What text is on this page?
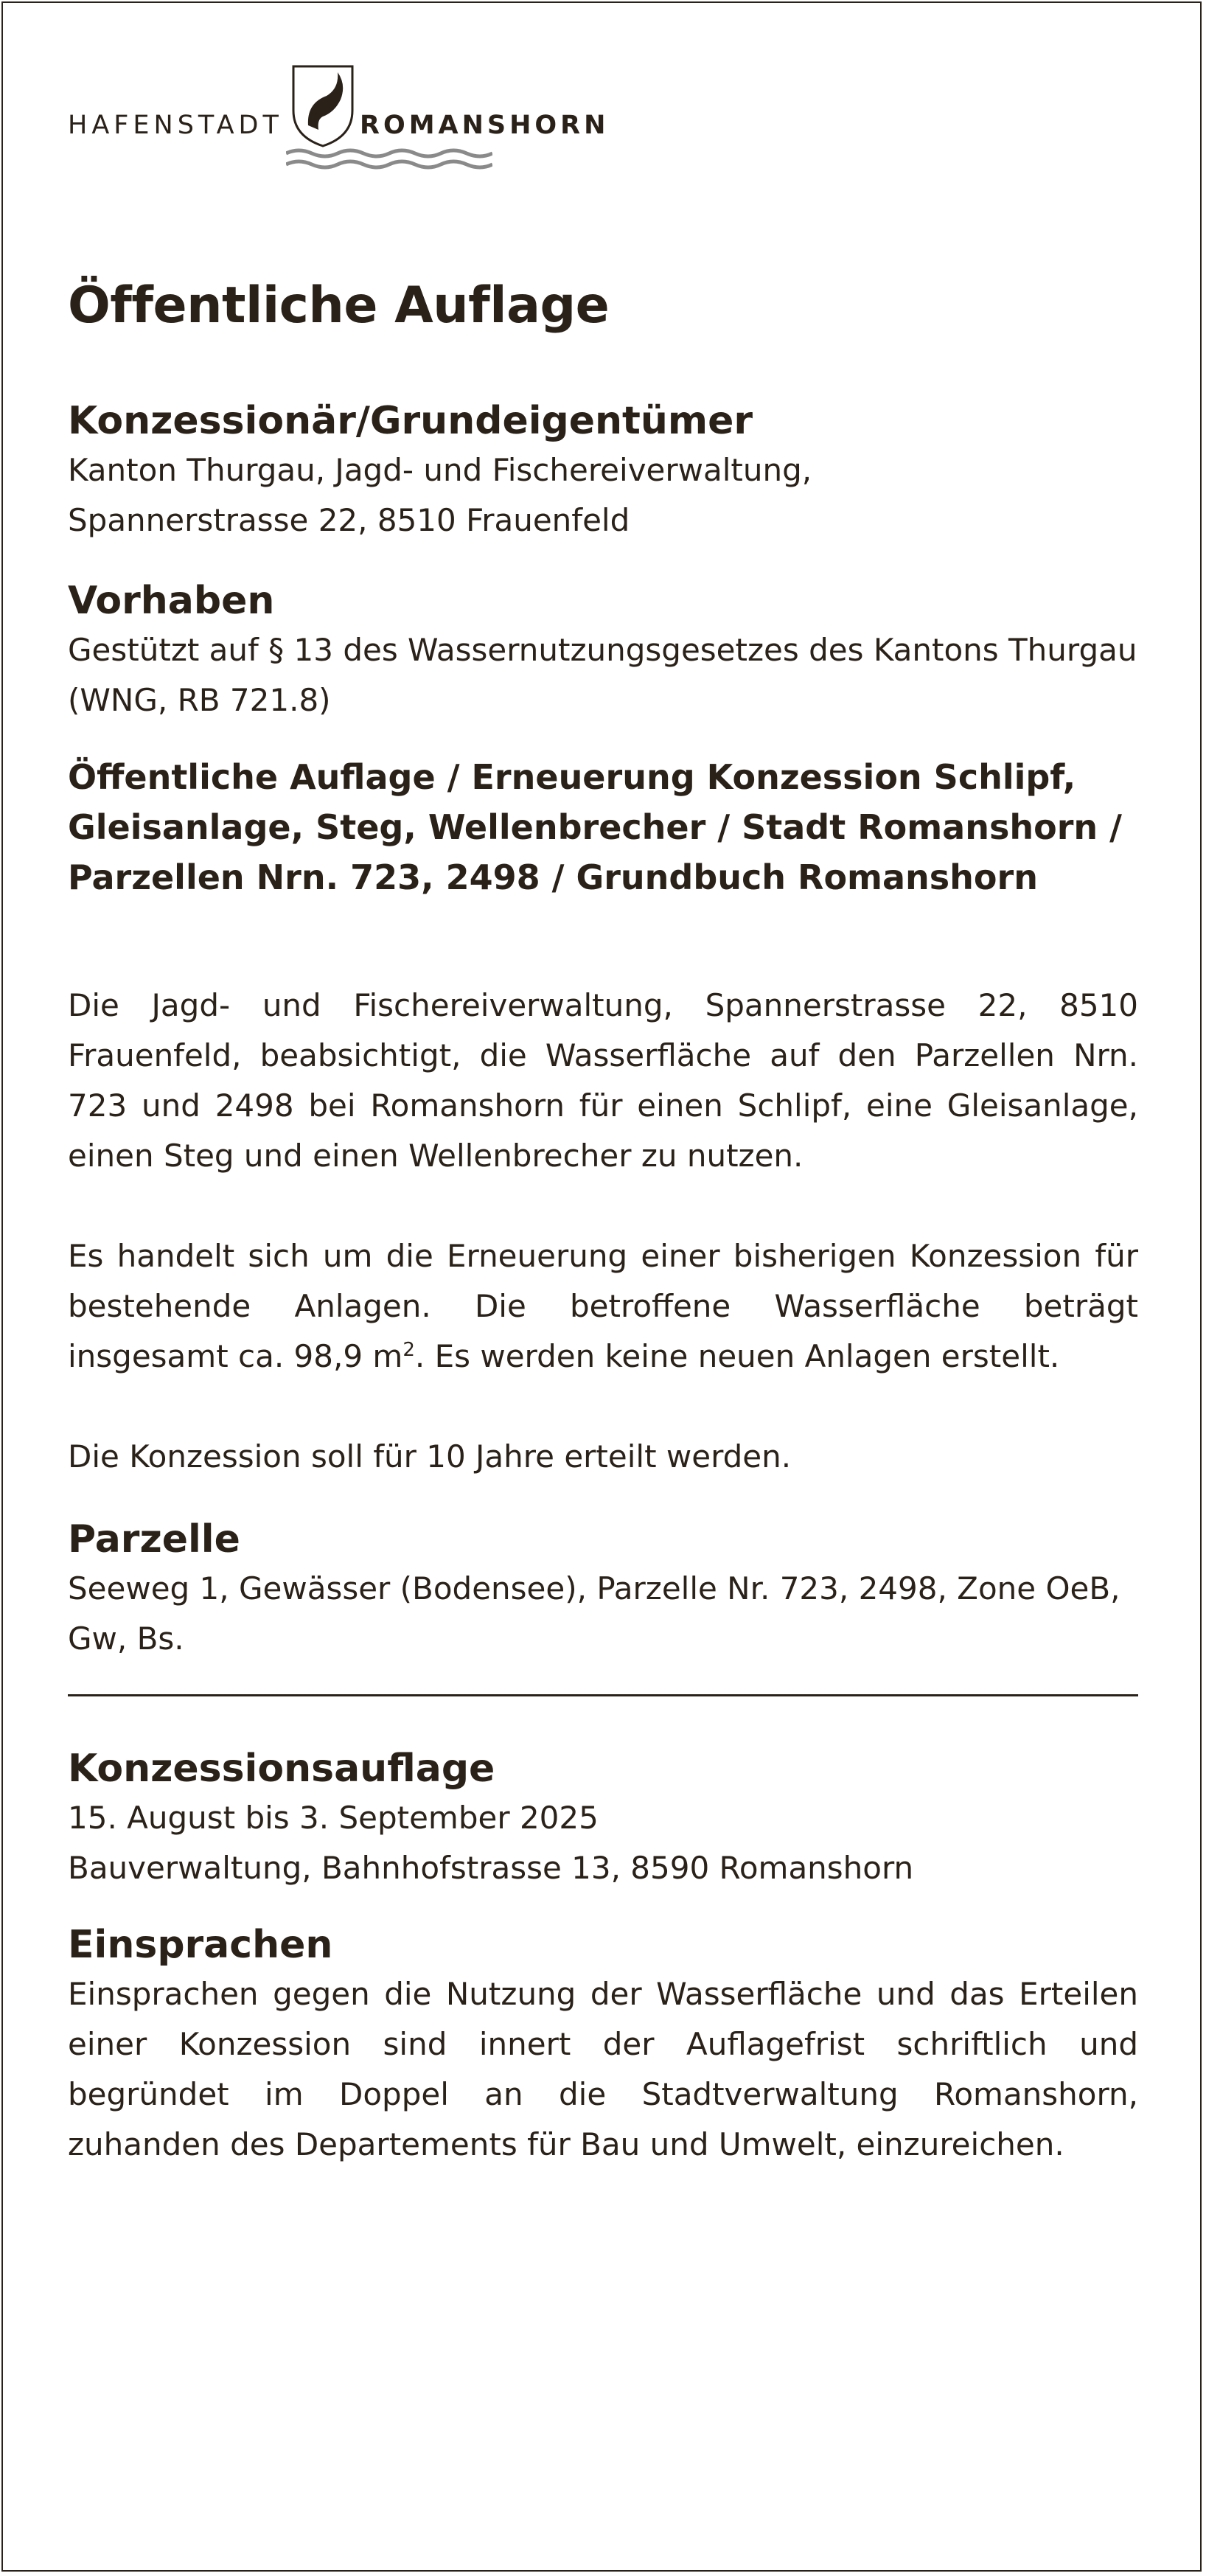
HAFENSTADT	ROMANSHORN
Öffentliche Auflage

Konzessionär/Grundeigentümer

Kanton Thurgau, Jagd- und Fischereiverwaltung,

Spannerstrasse 22, 8510 Frauenfeld

Vorhaben

Gestützt auf § 13 des Wassernutzungsgesetzes des Kantons Thurgau (WNG, RB 721.8)

Öffentliche Auflage / Erneuerung Konzession Schlipf, Gleisanlage, Steg, Wellenbrecher / Stadt Romanshorn / Parzellen Nrn. 723, 2498 / Grundbuch Romanshorn

Die Jagd- und Fischereiverwaltung, Spannerstrasse 22, 8510 Frauenfeld, beabsichtigt, die Wasserfläche auf den Parzellen Nrn. 723 und 2498 bei Romanshorn für einen Schlipf, eine Gleisanlage, einen Steg und einen Wellenbrecher zu nutzen.

Es handelt sich um die Erneuerung einer bisherigen Konzession für bestehende Anlagen. Die betroffene Wasserfläche beträgt insgesamt ca. 98,9 $m^2$. Es werden keine neuen Anlagen erstellt.

Die Konzession soll für 10 Jahre erteilt werden.

Parzelle

Seeweg 1, Gewässer (Bodensee), Parzelle Nr. 723, 2498, Zone OeB, Gw, Bs.

Konzessionsauflage

15. August bis 3. September 2025

Bauverwaltung, Bahnhofstrasse 13, 8590 Romanshorn

Einsprachen

Einsprachen gegen die Nutzung der Wasserfläche und das Erteilen einer Konzession sind innert der Auflagefrist schriftlich und begründet im Doppel an die Stadtverwaltung Romanshorn, zuhanden des Departements für Bau und Umwelt, einzureichen.
